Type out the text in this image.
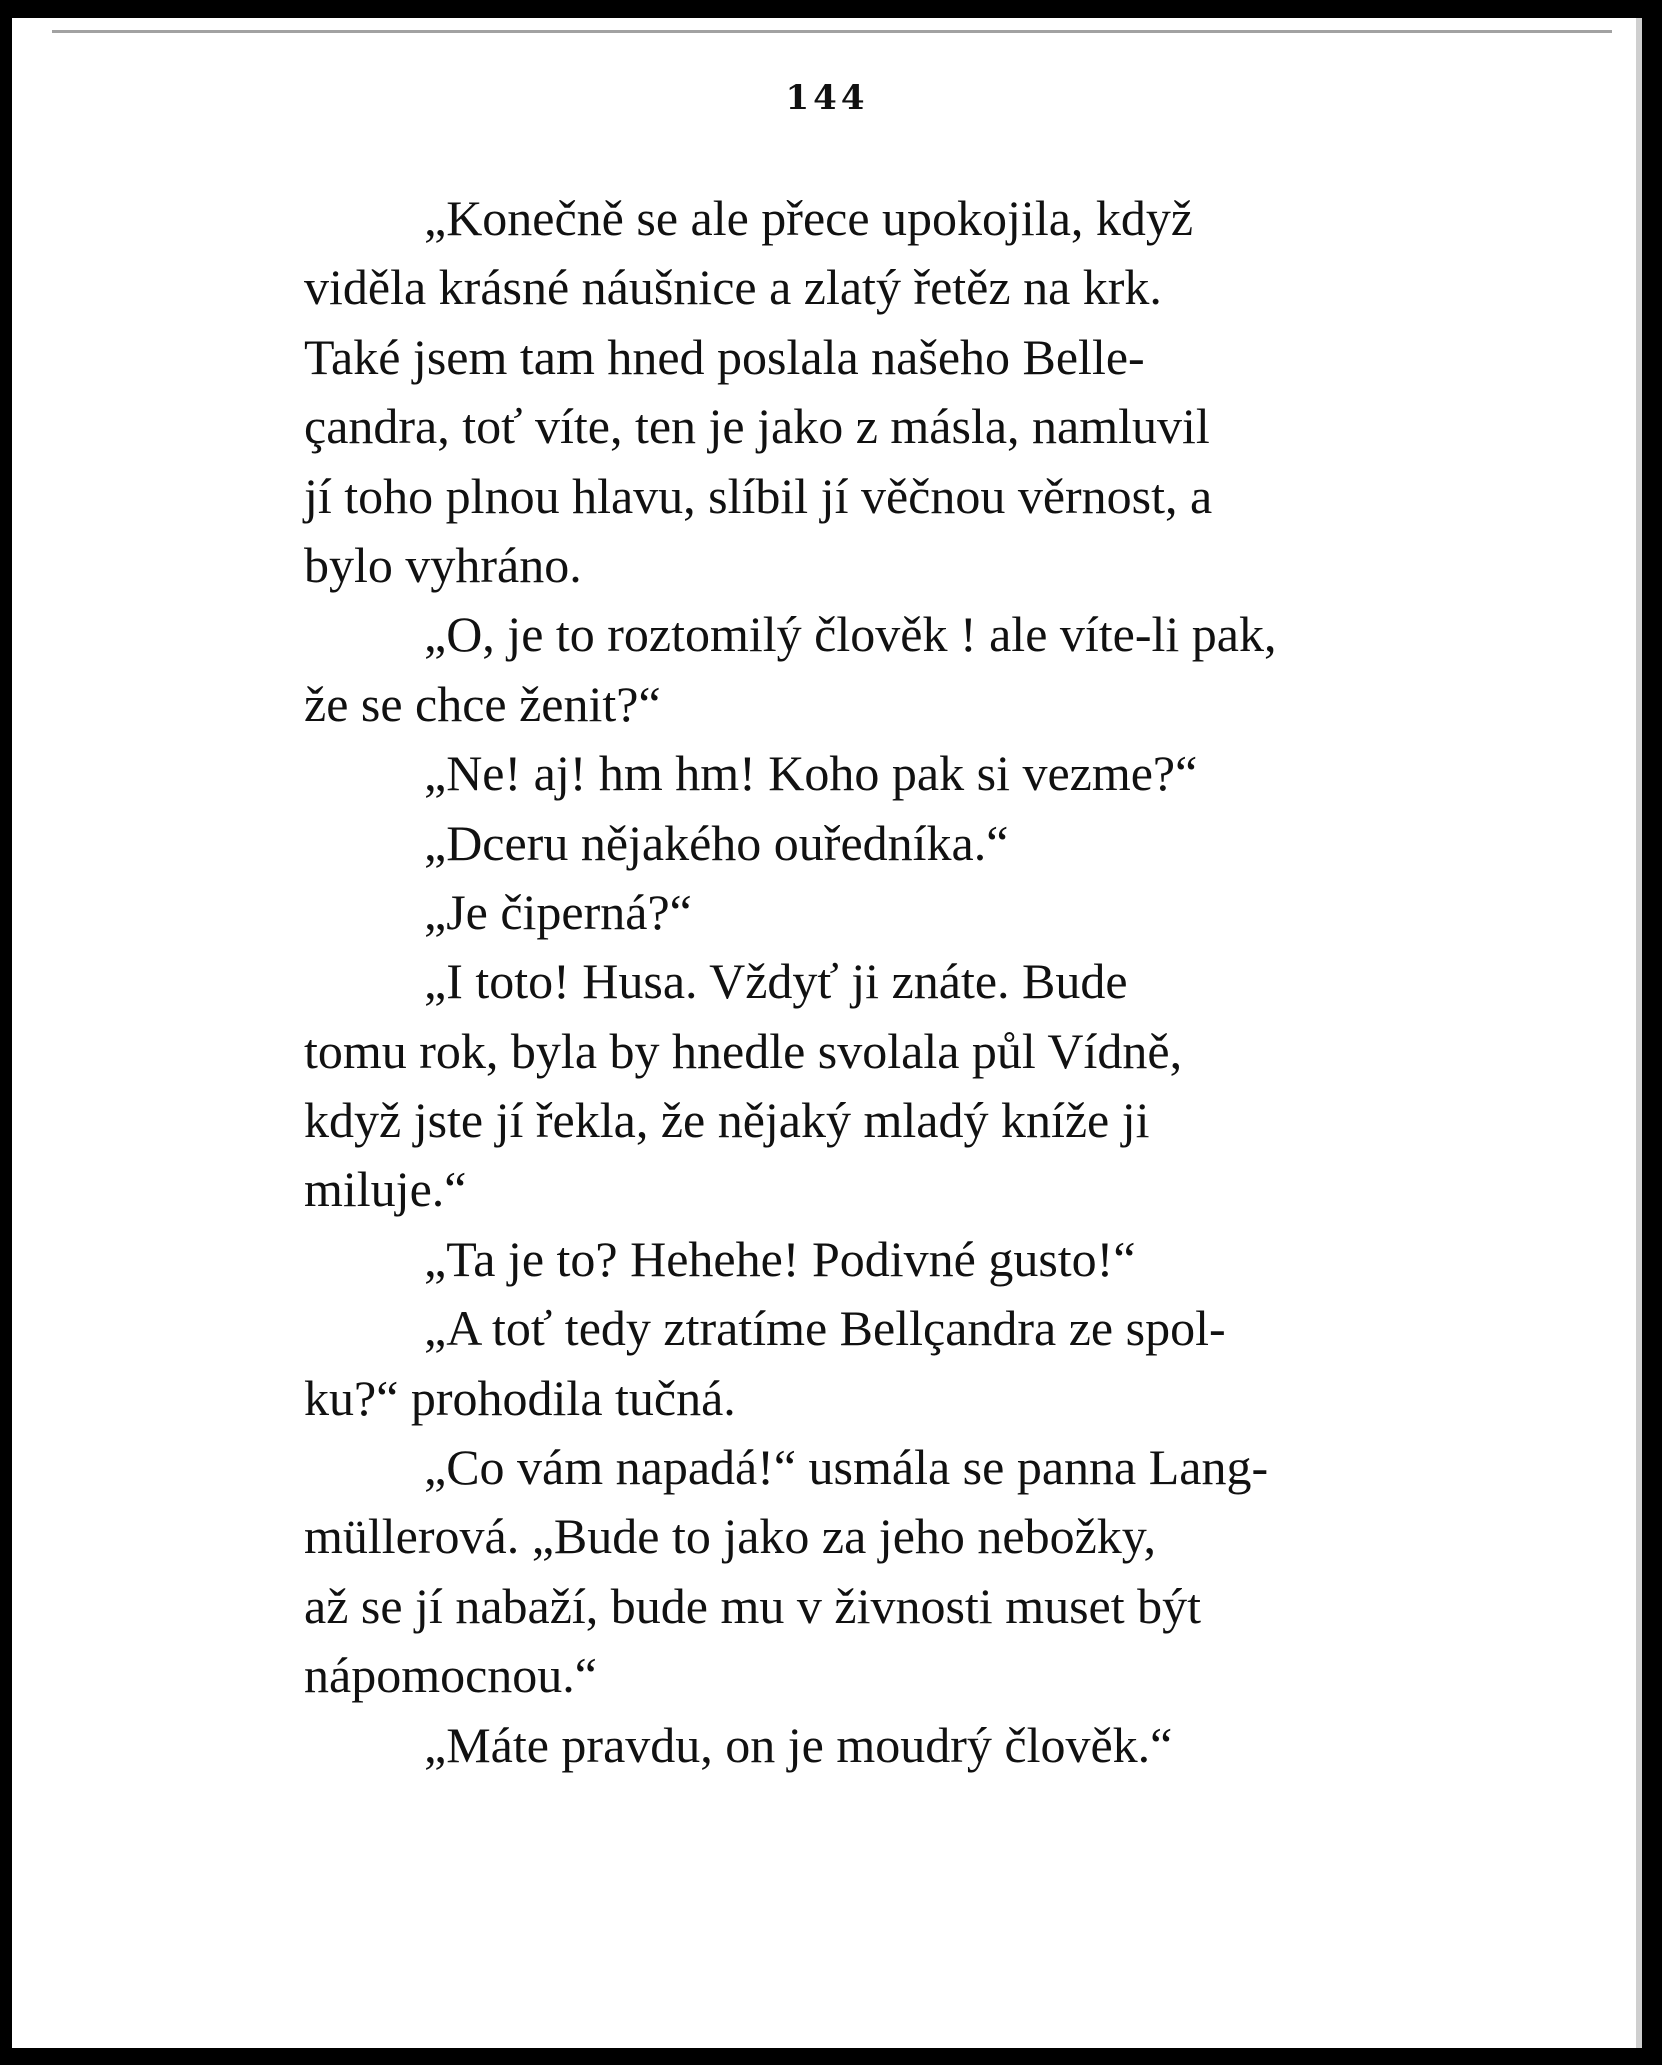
144
„Konečně se ale přece upokojila, když
viděla krásné náušnice a zlatý řetěz na krk.
Také jsem tam hned poslala našeho Belle-
çandra, toť víte, ten je jako z másla, namluvil
jí toho plnou hlavu, slíbil jí věčnou věrnost, a
bylo vyhráno.
„O, je to roztomilý člověk ! ale víte-li pak,
že se chce ženit?“
„Ne! aj! hm hm! Koho pak si vezme?“
„Dceru nějakého ouředníka.“
„Je čiperná?“
„I toto! Husa. Vždyť ji znáte. Bude
tomu rok, byla by hnedle svolala půl Vídně,
když jste jí řekla, že nějaký mladý kníže ji
miluje.“
„Ta je to? Hehehe! Podivné gusto!“
„A toť tedy ztratíme Bellçandra ze spol-
ku?“ prohodila tučná.
„Co vám napadá!“ usmála se panna Lang-
müllerová. „Bude to jako za jeho nebožky,
až se jí nabaží, bude mu v živnosti muset být
nápomocnou.“
„Máte pravdu, on je moudrý člověk.“
